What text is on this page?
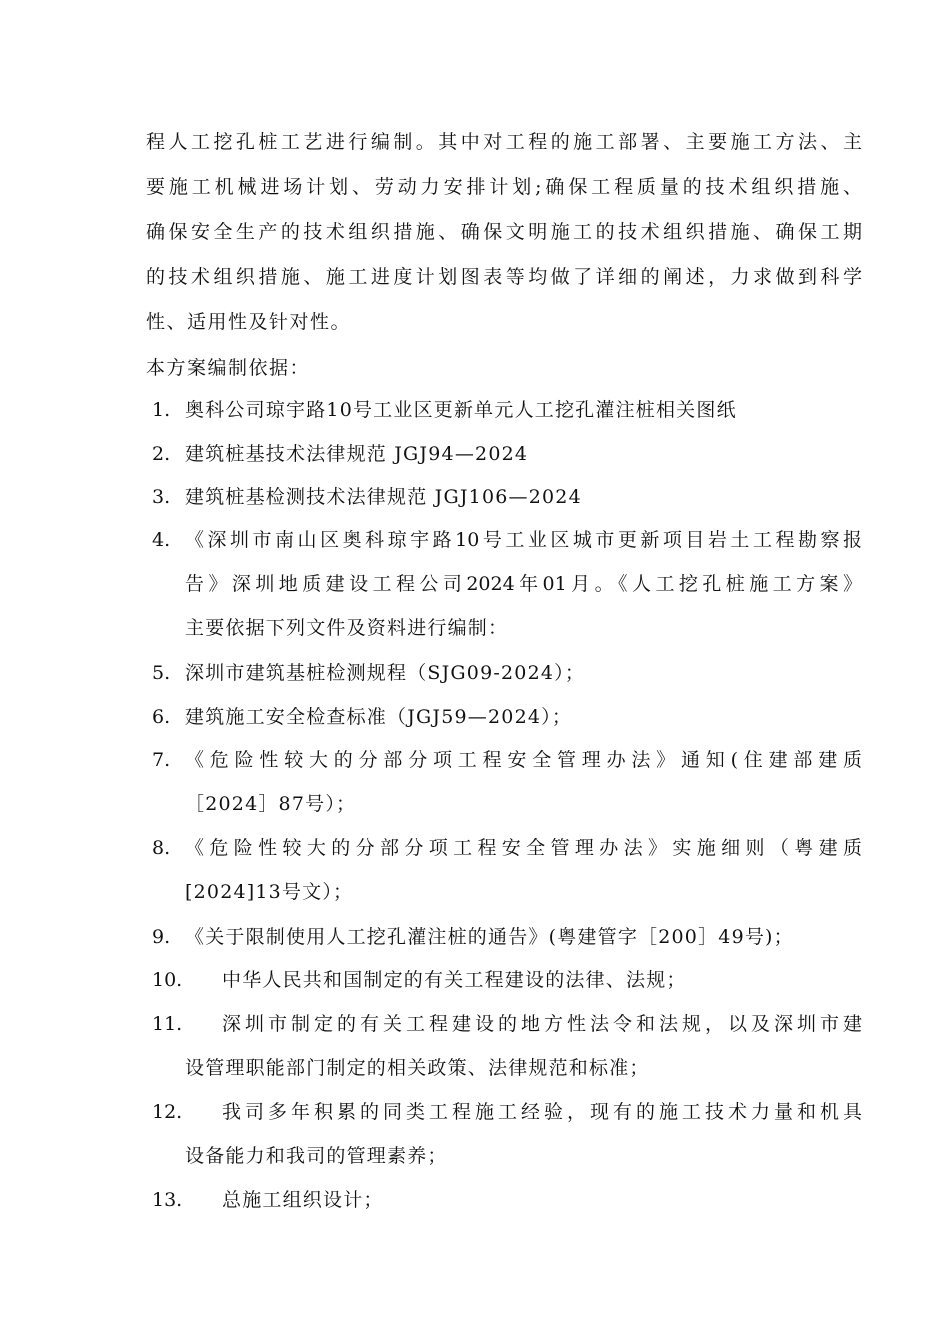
程人工挖孔桩工艺进行编制。其中对工程的施工部署、主要施工方法、主
要施工机械进场计划、劳动力安排计划;确保工程质量的技术组织措施、
确保安全生产的技术组织措施、确保文明施工的技术组织措施、确保工期
的技术组织措施、施工进度计划图表等均做了详细的阐述，力求做到科学
性、适用性及针对性。
本方案编制依据：
1. 奥科公司琼宇路10号工业区更新单元人工挖孔灌注桩相关图纸
2. 建筑桩基技术法律规范 JGJ94—2024
3. 建筑桩基检测技术法律规范 JGJ106—2024
4. 《深圳市南山区奥科琼宇路10号工业区城市更新项目岩土工程勘察报
告》深圳地质建设工程公司2024年01月。《人工挖孔桩施工方案》
主要依据下列文件及资料进行编制：
5. 深圳市建筑基桩检测规程（SJG09-2024）；
6. 建筑施工安全检查标准（JGJ59—2024）；
7. 《危险性较大的分部分项工程安全管理办法》通知(住建部建质
［2024］87号）；
8. 《危险性较大的分部分项工程安全管理办法》实施细则（粤建质
[2024]13号文）；
9. 《关于限制使用人工挖孔灌注桩的通告》(粤建管字［200］49号)；
10. 中华人民共和国制定的有关工程建设的法律、法规；
11. 深圳市制定的有关工程建设的地方性法令和法规，以及深圳市建
设管理职能部门制定的相关政策、法律规范和标准；
12. 我司多年积累的同类工程施工经验，现有的施工技术力量和机具
设备能力和我司的管理素养；
13. 总施工组织设计；
